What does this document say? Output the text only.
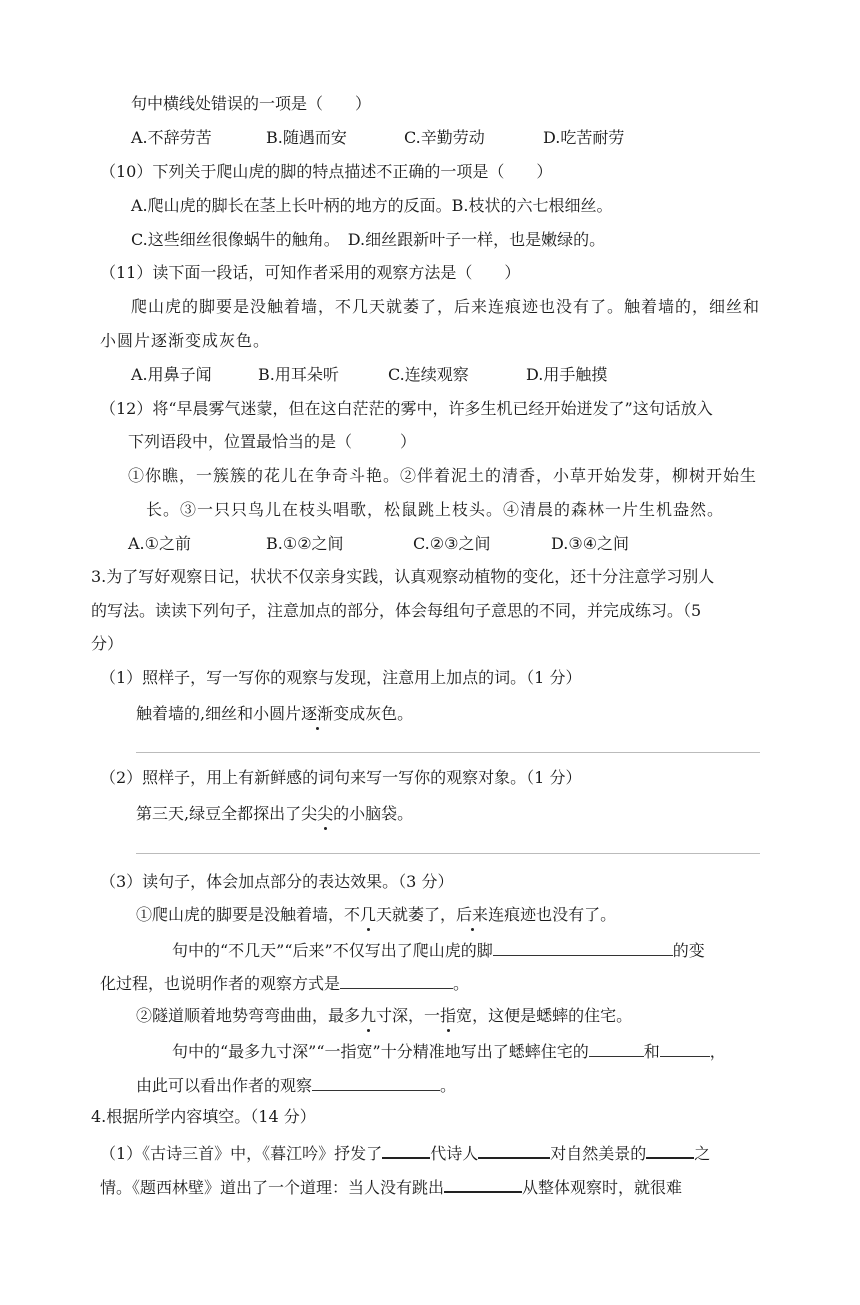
句中横线处错误的一项是（　　）
A.不辞劳苦	B.随遇而安	C.辛勤劳动	D.吃苦耐劳
（10）下列关于爬山虎的脚的特点描述不正确的一项是（　　）
A.爬山虎的脚长在茎上长叶柄的地方的反面。B.枝状的六七根细丝。
C.这些细丝很像蜗牛的触角。　D.细丝跟新叶子一样，也是嫩绿的。
（11）读下面一段话，可知作者采用的观察方法是（　　）
爬山虎的脚要是没触着墙，不几天就萎了，后来连痕迹也没有了。触着墙的，细丝和
小圆片逐渐变成灰色。
A.用鼻子闻	B.用耳朵听	C.连续观察	D.用手触摸
（12）将“早晨雾气迷蒙，但在这白茫茫的雾中，许多生机已经开始迸发了”这句话放入
下列语段中，位置最恰当的是（　　　）
①你瞧，一簇簇的花儿在争奇斗艳。②伴着泥土的清香，小草开始发芽，柳树开始生
长。③一只只鸟儿在枝头唱歌，松鼠跳上枝头。④清晨的森林一片生机盎然。
A.①之前	B.①②之间	C.②③之间	D.③④之间
3.为了写好观察日记，状状不仅亲身实践，认真观察动植物的变化，还十分注意学习别人
的写法。读读下列句子，注意加点的部分，体会每组句子意思的不同，并完成练习。（5
分）
（1）照样子，写一写你的观察与发现，注意用上加点的词。（1 分）
触着墙的,细丝和小圆片逐渐变成灰色。
（2）照样子，用上有新鲜感的词句来写一写你的观察对象。（1 分）
第三天,绿豆全都探出了尖尖的小脑袋。
（3）读句子，体会加点部分的表达效果。（3 分）
①爬山虎的脚要是没触着墙，不几天就萎了，后来连痕迹也没有了。
句中的“不几天”“后来”不仅写出了爬山虎的脚	的变
化过程，也说明作者的观察方式是	。
②隧道顺着地势弯弯曲曲，最多九寸深，一指宽，这便是蟋蟀的住宅。
句中的“最多九寸深”“一指宽”十分精准地写出了蟋蟀住宅的	和	，
由此可以看出作者的观察	。
4.根据所学内容填空。（14 分）
（1）《古诗三首》中，《暮江吟》抒发了	代诗人	对自然美景的	之
情。《题西林壁》道出了一个道理：当人没有跳出	从整体观察时，就很难
